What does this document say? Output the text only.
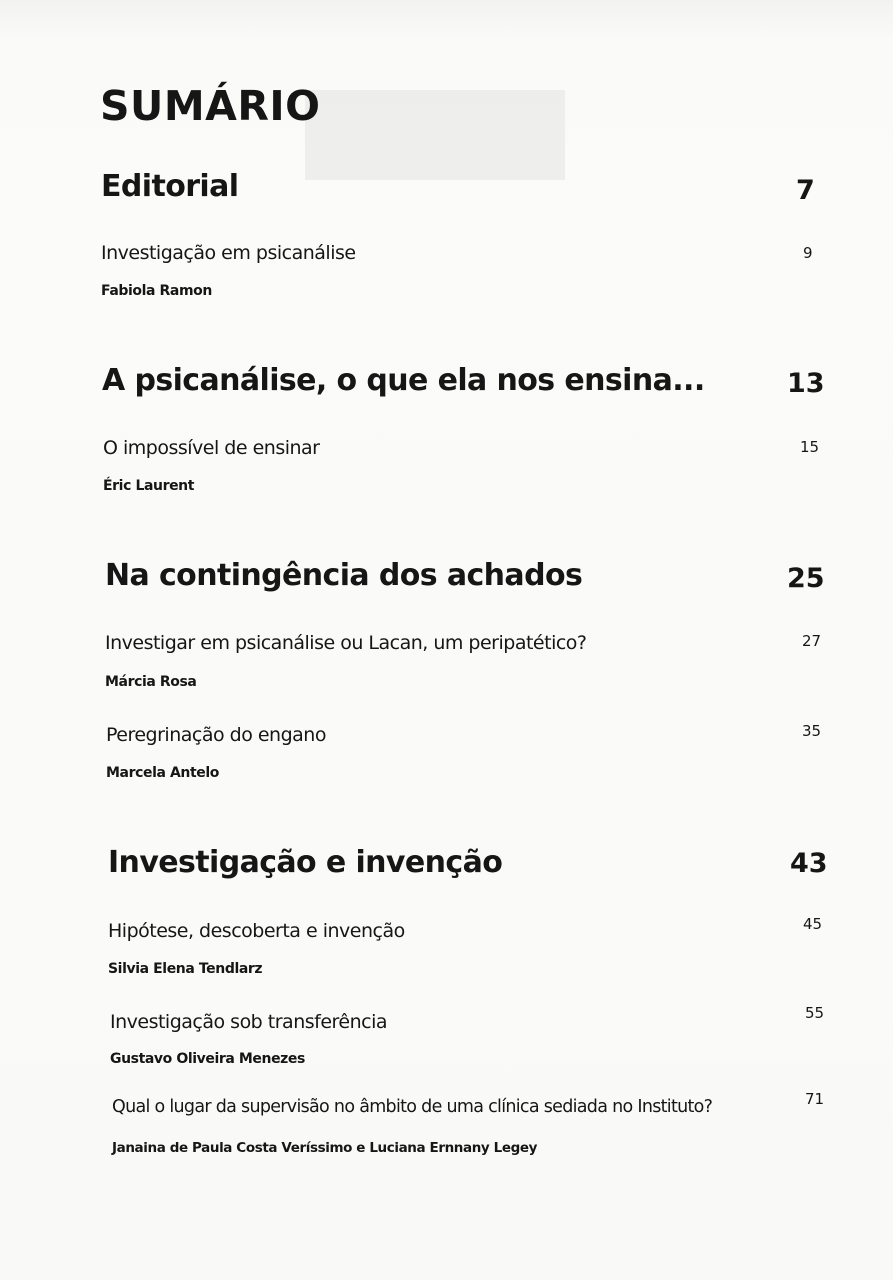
SUMÁRIO
Editorial	7
Investigação em psicanálise	9
Fabiola Ramon
A psicanálise, o que ela nos ensina...	13
O impossível de ensinar	15
Éric Laurent
Na contingência dos achados	25
Investigar em psicanálise ou Lacan, um peripatético?	27
Márcia Rosa
Peregrinação do engano	35
Marcela Antelo
Investigação e invenção	43
Hipótese, descoberta e invenção	45
Silvia Elena Tendlarz
Investigação sob transferência	55
Gustavo Oliveira Menezes
Qual o lugar da supervisão no âmbito de uma clínica sediada no Instituto?	71
Janaina de Paula Costa Veríssimo e Luciana Ernnany Legey
